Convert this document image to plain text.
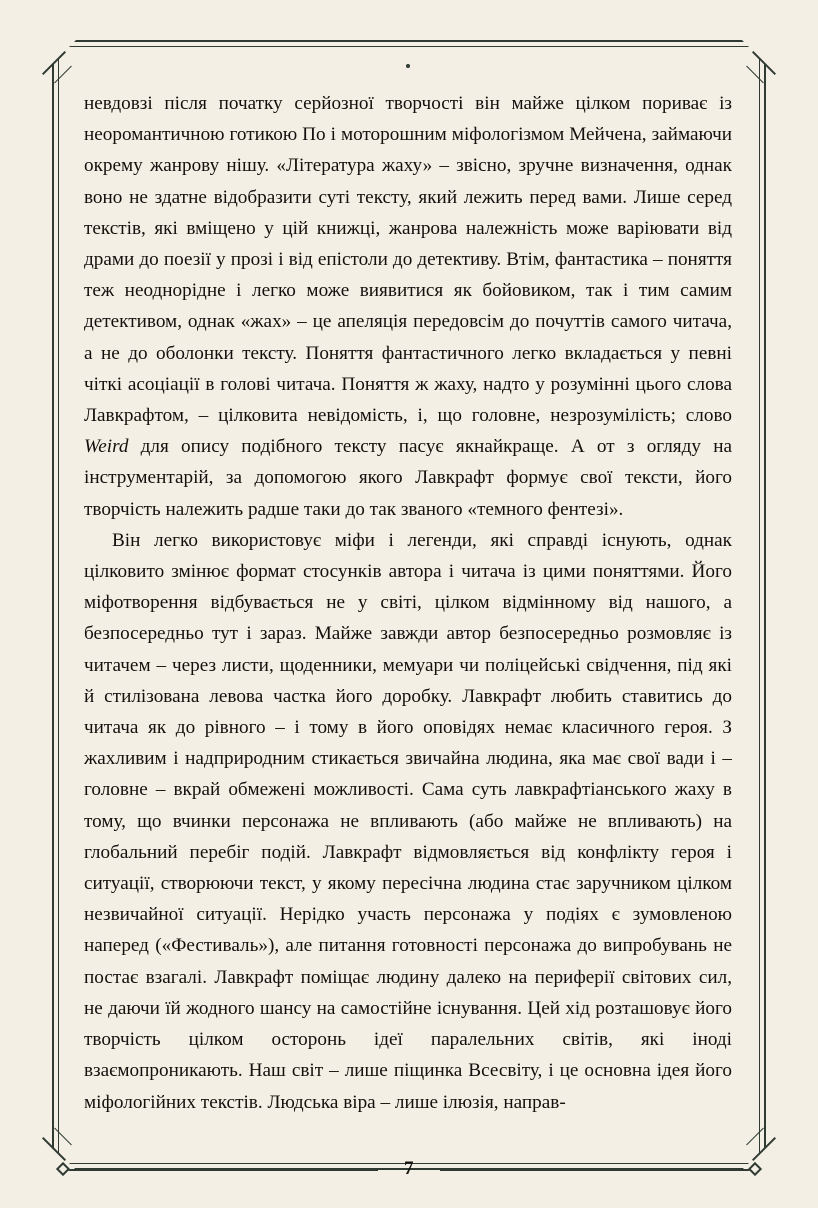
невдовзі після початку серйозної творчості він майже цілком пориває із неоромантичною готикою По і моторошним міфологізмом Мейчена, займаючи окрему жанрову нішу. «Література жаху» – звісно, зручне визначення, однак воно не здатне відобразити суті тексту, який лежить перед вами. Лише серед текстів, які вміщено у цій книжці, жанрова належність може варіювати від драми до поезії у прозі і від епістоли до детективу. Втім, фантастика – поняття теж неоднорідне і легко може виявитися як бойовиком, так і тим самим детективом, однак «жах» – це апеляція передовсім до почуттів самого читача, а не до оболонки тексту. Поняття фантастичного легко вкладається у певні чіткі асоціації в голові читача. Поняття ж жаху, надто у розумінні цього слова Лавкрафтом, – цілковита невідомість, і, що головне, незрозумілість; слово Weird для опису подібного тексту пасує якнайкраще. А от з огляду на інструментарій, за допомогою якого Лавкрафт формує свої тексти, його творчість належить радше таки до так званого «темного фентезі».

Він легко використовує міфи і легенди, які справді існують, однак цілковито змінює формат стосунків автора і читача із цими поняттями. Його міфотворення відбувається не у світі, цілком відмінному від нашого, а безпосередньо тут і зараз. Майже завжди автор безпосередньо розмовляє із читачем – через листи, щоденники, мемуари чи поліцейські свідчення, під які й стилізована левова частка його доробку. Лавкрафт любить ставитись до читача як до рівного – і тому в його оповідях немає класичного героя. З жахливим і надприродним стикається звичайна людина, яка має свої вади і – головне – вкрай обмежені можливості. Сама суть лавкрафтіанського жаху в тому, що вчинки персонажа не впливають (або майже не впливають) на глобальний перебіг подій. Лавкрафт відмовляється від конфлікту героя і ситуації, створюючи текст, у якому пересічна людина стає заручником цілком незвичайної ситуації. Нерідко участь персонажа у подіях є зумовленою наперед («Фестиваль»), але питання готовності персонажа до випробувань не постає взагалі. Лавкрафт поміщає людину далеко на периферії світових сил, не даючи їй жодного шансу на самостійне існування. Цей хід розташовує його творчість цілком осторонь ідеї паралельних світів, які іноді взаємопроникають. Наш світ – лише піщинка Всесвіту, і це основна ідея його міфологійних текстів. Людська віра – лише ілюзія, направ-

7
